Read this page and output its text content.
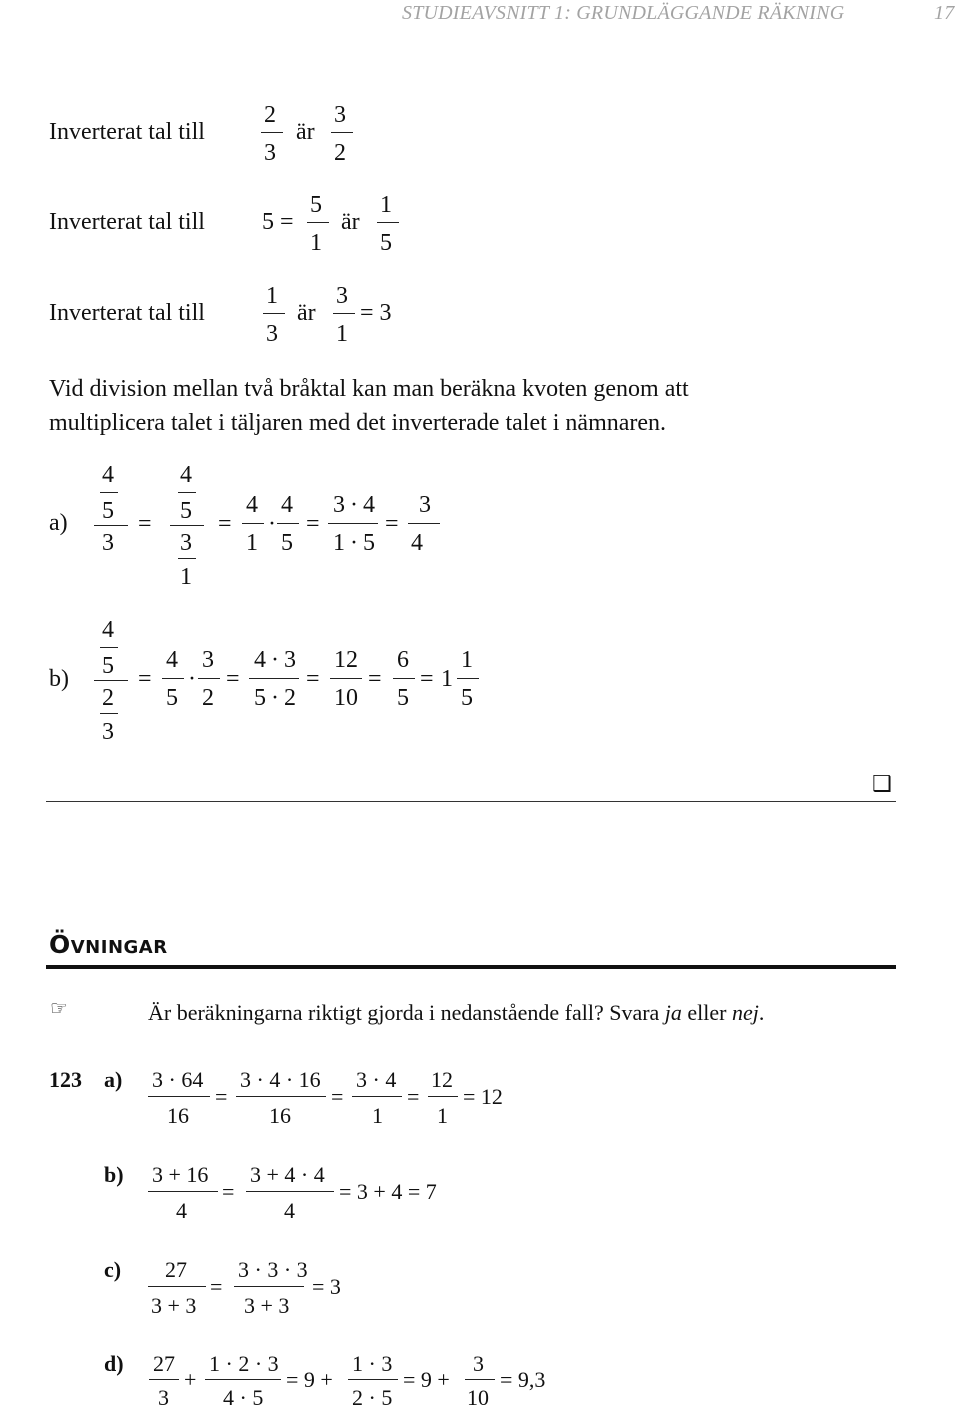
STUDIEAVSNITT 1: GRUNDLÄGGANDE RÄKNING	17
Inverterat tal till
2
3
är
3
2
Inverterat tal till 5 =
5
1
är
1
5
Inverterat tal till
1
3
är
3
1
= 3
Vid division mellan två bråktal kan man beräkna kvoten genom att
multiplicera talet i täljaren med det inverterade talet i nämnaren.
a)
4
5
3
=
4
5
3
1
=
4
1
·
4
5
=
3 · 4
1 · 5
=
3
4
b)
4
5
2
3
=
4
5
·
3
2
=
4 · 3
5 · 2
=
12
10
=
6
5
= 1
1
5
❑
Övningar
☞	Är beräkningarna riktigt gjorda i nedanstående fall? Svara ja eller nej.
123 a) 3 · 64
16
=
3 · 4 · 16
16
=
3 · 4
1
=
12
1
= 12
b) 3 + 16
4
=
3 + 4 · 4
4
= 3 + 4 = 7
c) 27
3 + 3
=
3 · 3 · 3
3 + 3
= 3
d) 27
3
+
1 · 2 · 3
4 · 5
= 9 +
1 · 3
2 · 5
= 9 +
3
10
= 9,3
